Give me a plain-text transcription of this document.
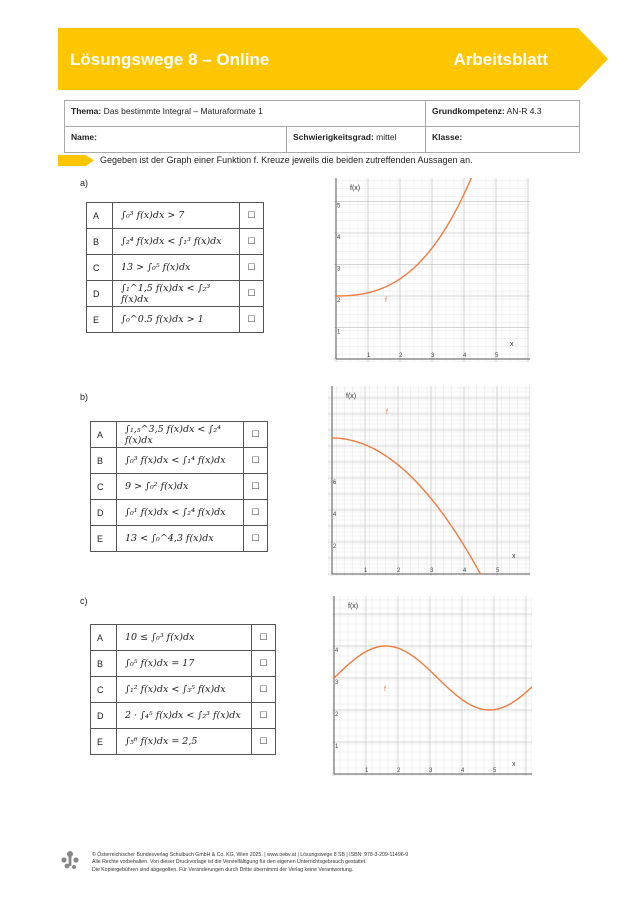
Lösungswege 8 – Online	Arbeitsblatt
Thema: Das bestimmte Integral – Maturaformate 1		Grundkompetenz: AN-R 4.3
Name:	Schwierigkeitsgrad: mittel	Klasse:
Gegeben ist der Graph einer Funktion f. Kreuze jeweils die beiden zutreffenden Aussagen an.
a)
A	∫₀³ f(x)dx > 7	☐
B	∫₂⁴ f(x)dx < ∫₁³ f(x)dx	☐
C	13 > ∫₀⁵ f(x)dx	☐
D	∫₁^1,5 f(x)dx < ∫₂³ f(x)dx	☐
E	∫₀^0.5 f(x)dx > 1	☐
1	2	3	4	5
1
2
3
4
5
f(x)
x
f
b)
A	∫₁,₅^3,5 f(x)dx < ∫₂⁴ f(x)dx	☐
B	∫₀³ f(x)dx < ∫₁⁴ f(x)dx	☐
C	9 > ∫₀² f(x)dx	☐
D	∫₀¹ f(x)dx < ∫₂⁴ f(x)dx	☐
E	13 < ∫₀^4,3 f(x)dx	☐
1	2	3	4	5
2
4
6
f(x)
x
f
c)
A	10 ≤ ∫₀³ f(x)dx	☐
B	∫₀⁵ f(x)dx = 17	☐
C	∫₁² f(x)dx < ∫₃⁵ f(x)dx	☐
D	2 · ∫₄⁵ f(x)dx < ∫₂³ f(x)dx	☐
E	∫₅⁶ f(x)dx = 2,5	☐
1	2	3	4	5
1
2
3
4
f(x)
x
f
© Österreichischer Bundesverlag Schulbuch GmbH & Co. KG, Wien 2025. | www.oebv.at | Lösungswege 8 SB | ISBN: 978-3-209-11496-9
Alle Rechte vorbehalten. Von dieser Druckvorlage ist die Vervielfältigung für den eigenen Unterrichtsgebrauch gestattet.
Die Kopiergebühren sind abgegolten. Für Veränderungen durch Dritte übernimmt der Verlag keine Verantwortung.
